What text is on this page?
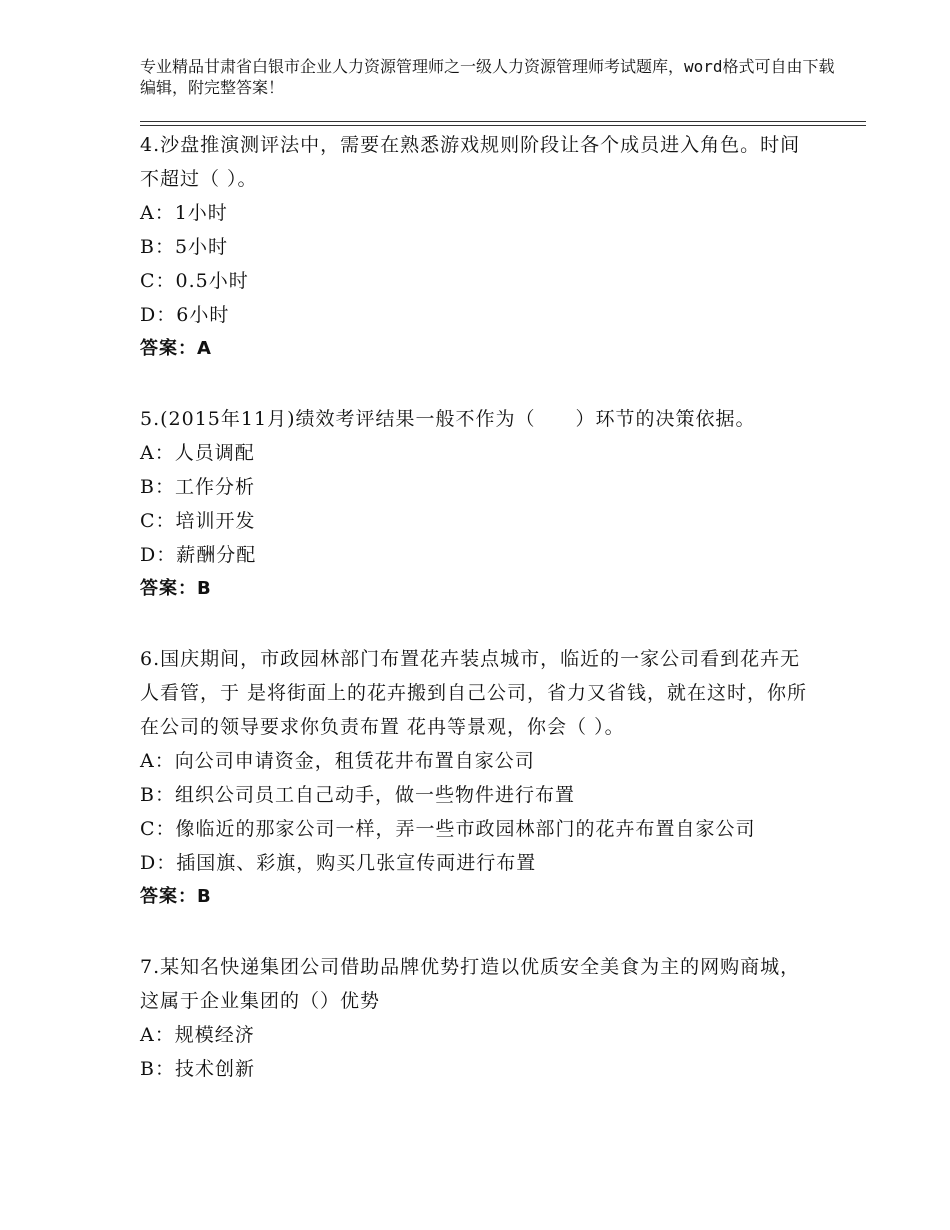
专业精品甘肃省白银市企业人力资源管理师之一级人力资源管理师考试题库，word格式可自由下载编辑，附完整答案！
4.沙盘推演测评法中，需要在熟悉游戏规则阶段让各个成员进入角色。时间不超过（ ）。
A：1小时
B：5小时
C：0.5小时
D：6小时
答案：A
5.(2015年11月)绩效考评结果一般不作为（　　）环节的决策依据。
A：人员调配
B：工作分析
C：培训开发
D：薪酬分配
答案：B
6.国庆期间，市政园林部门布置花卉装点城市，临近的一家公司看到花卉无人看管，于 是将街面上的花卉搬到自己公司，省力又省钱，就在这时，你所在公司的领导要求你负责布置 花冉等景观，你会（ ）。
A：向公司申请资金，租赁花井布置自家公司
B：组织公司员工自己动手，做一些物件进行布置
C：像临近的那家公司一样，弄一些市政园林部门的花卉布置自家公司
D：插国旗、彩旗，购买几张宣传両进行布置
答案：B
7.某知名快递集团公司借助品牌优势打造以优质安全美食为主的网购商城，这属于企业集团的（）优势
A：规模经济
B：技术创新
